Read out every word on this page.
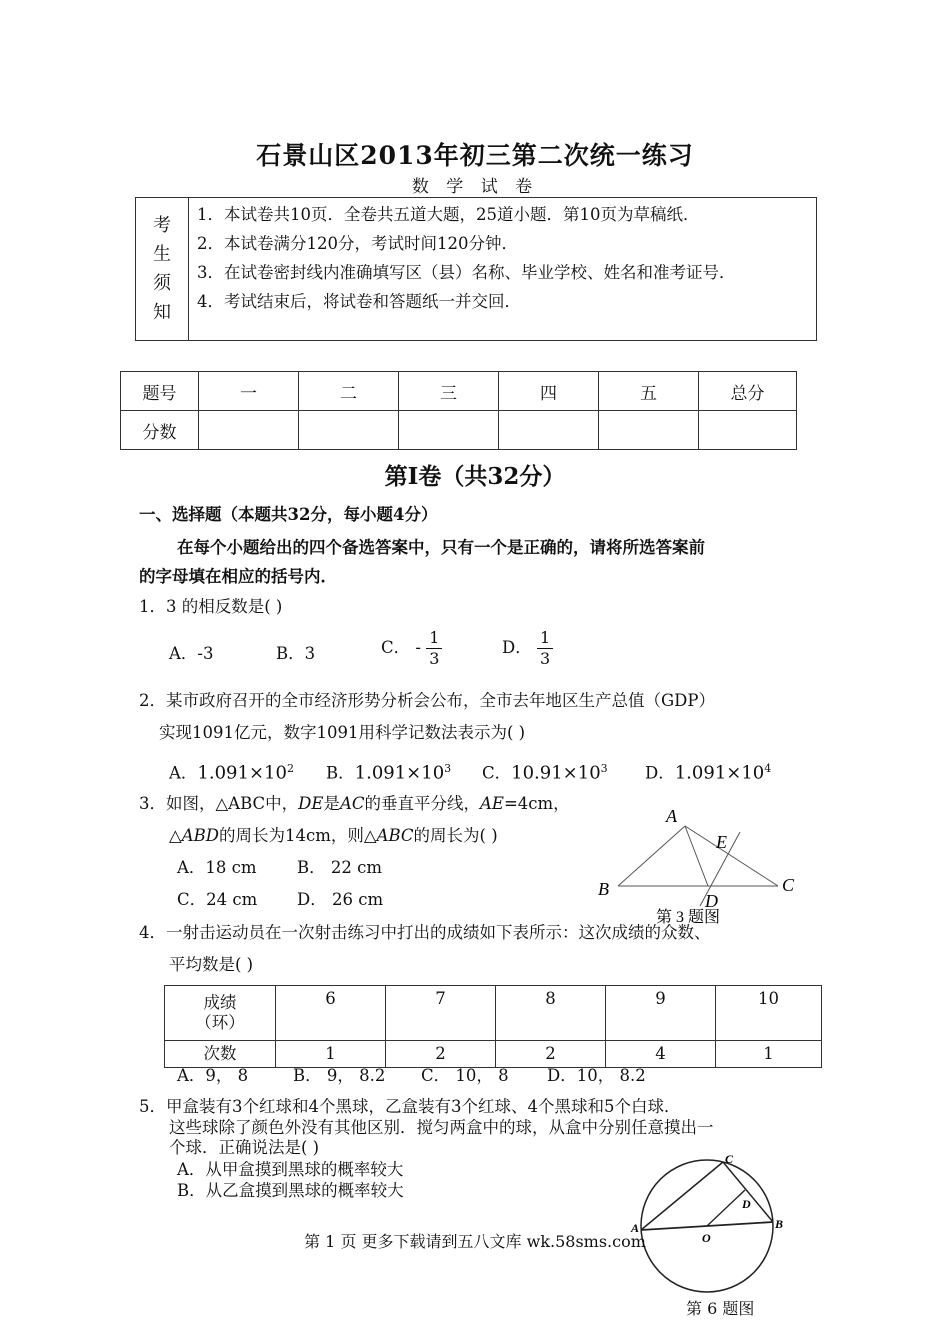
石景山区2013年初三第二次统一练习
数 学 试 卷
考
生
须
知

1．本试卷共10页．全卷共五道大题，25道小题．第10页为草稿纸．
2．本试卷满分120分，考试时间120分钟．
3．在试卷密封线内准确填写区（县）名称、毕业学校、姓名和准考证号．
4．考试结束后，将试卷和答题纸一并交回．
题号	一	二	三	四	五	总分
分数						
第Ⅰ卷（共32分）
一、选择题（本题共32分，每小题4分）
在每个小题给出的四个备选答案中，只有一个是正确的，请将所选答案前
的字母填在相应的括号内．
1．3 的相反数是( )
A．-3	B．3	C． - $\frac{1}{3}$	D． $\frac{1}{3}$
2．某市政府召开的全市经济形势分析会公布，全市去年地区生产总值（GDP）
实现1091亿元，数字1091用科学记数法表示为( )
A．$1.091\times 10^2$ B．$1.091\times 10^3$ C．$10.91\times 10^3$ D．$1.091\times 10^4$
3．如图，△ABC中，DE是AC的垂直平分线，AE=4cm，
△ABD的周长为14cm，则△ABC的周长为( )
A．18 cm B． 22 cm
C．24 cm D． 26 cm
A
E
B	C
D
第 3 题图
4．一射击运动员在一次射击练习中打出的成绩如下表所示：这次成绩的众数、
平均数是( )
成绩
（环）	6	7	8	9	10
次数	1	2	2	4	1
A．9， 8	B． 9， 8.2 C． 10， 8 D．10， 8.2
5．甲盒装有3个红球和4个黑球，乙盒装有3个红球、4个黑球和5个白球．
这些球除了颜色外没有其他区别．搅匀两盒中的球，从盒中分别任意摸出一
个球．正确说法是( )
A．从甲盒摸到黑球的概率较大
B．从乙盒摸到黑球的概率较大
C
D
A	B
O
第 6 题图
第 1 页 更多下载请到五八文库 wk.58sms.com
